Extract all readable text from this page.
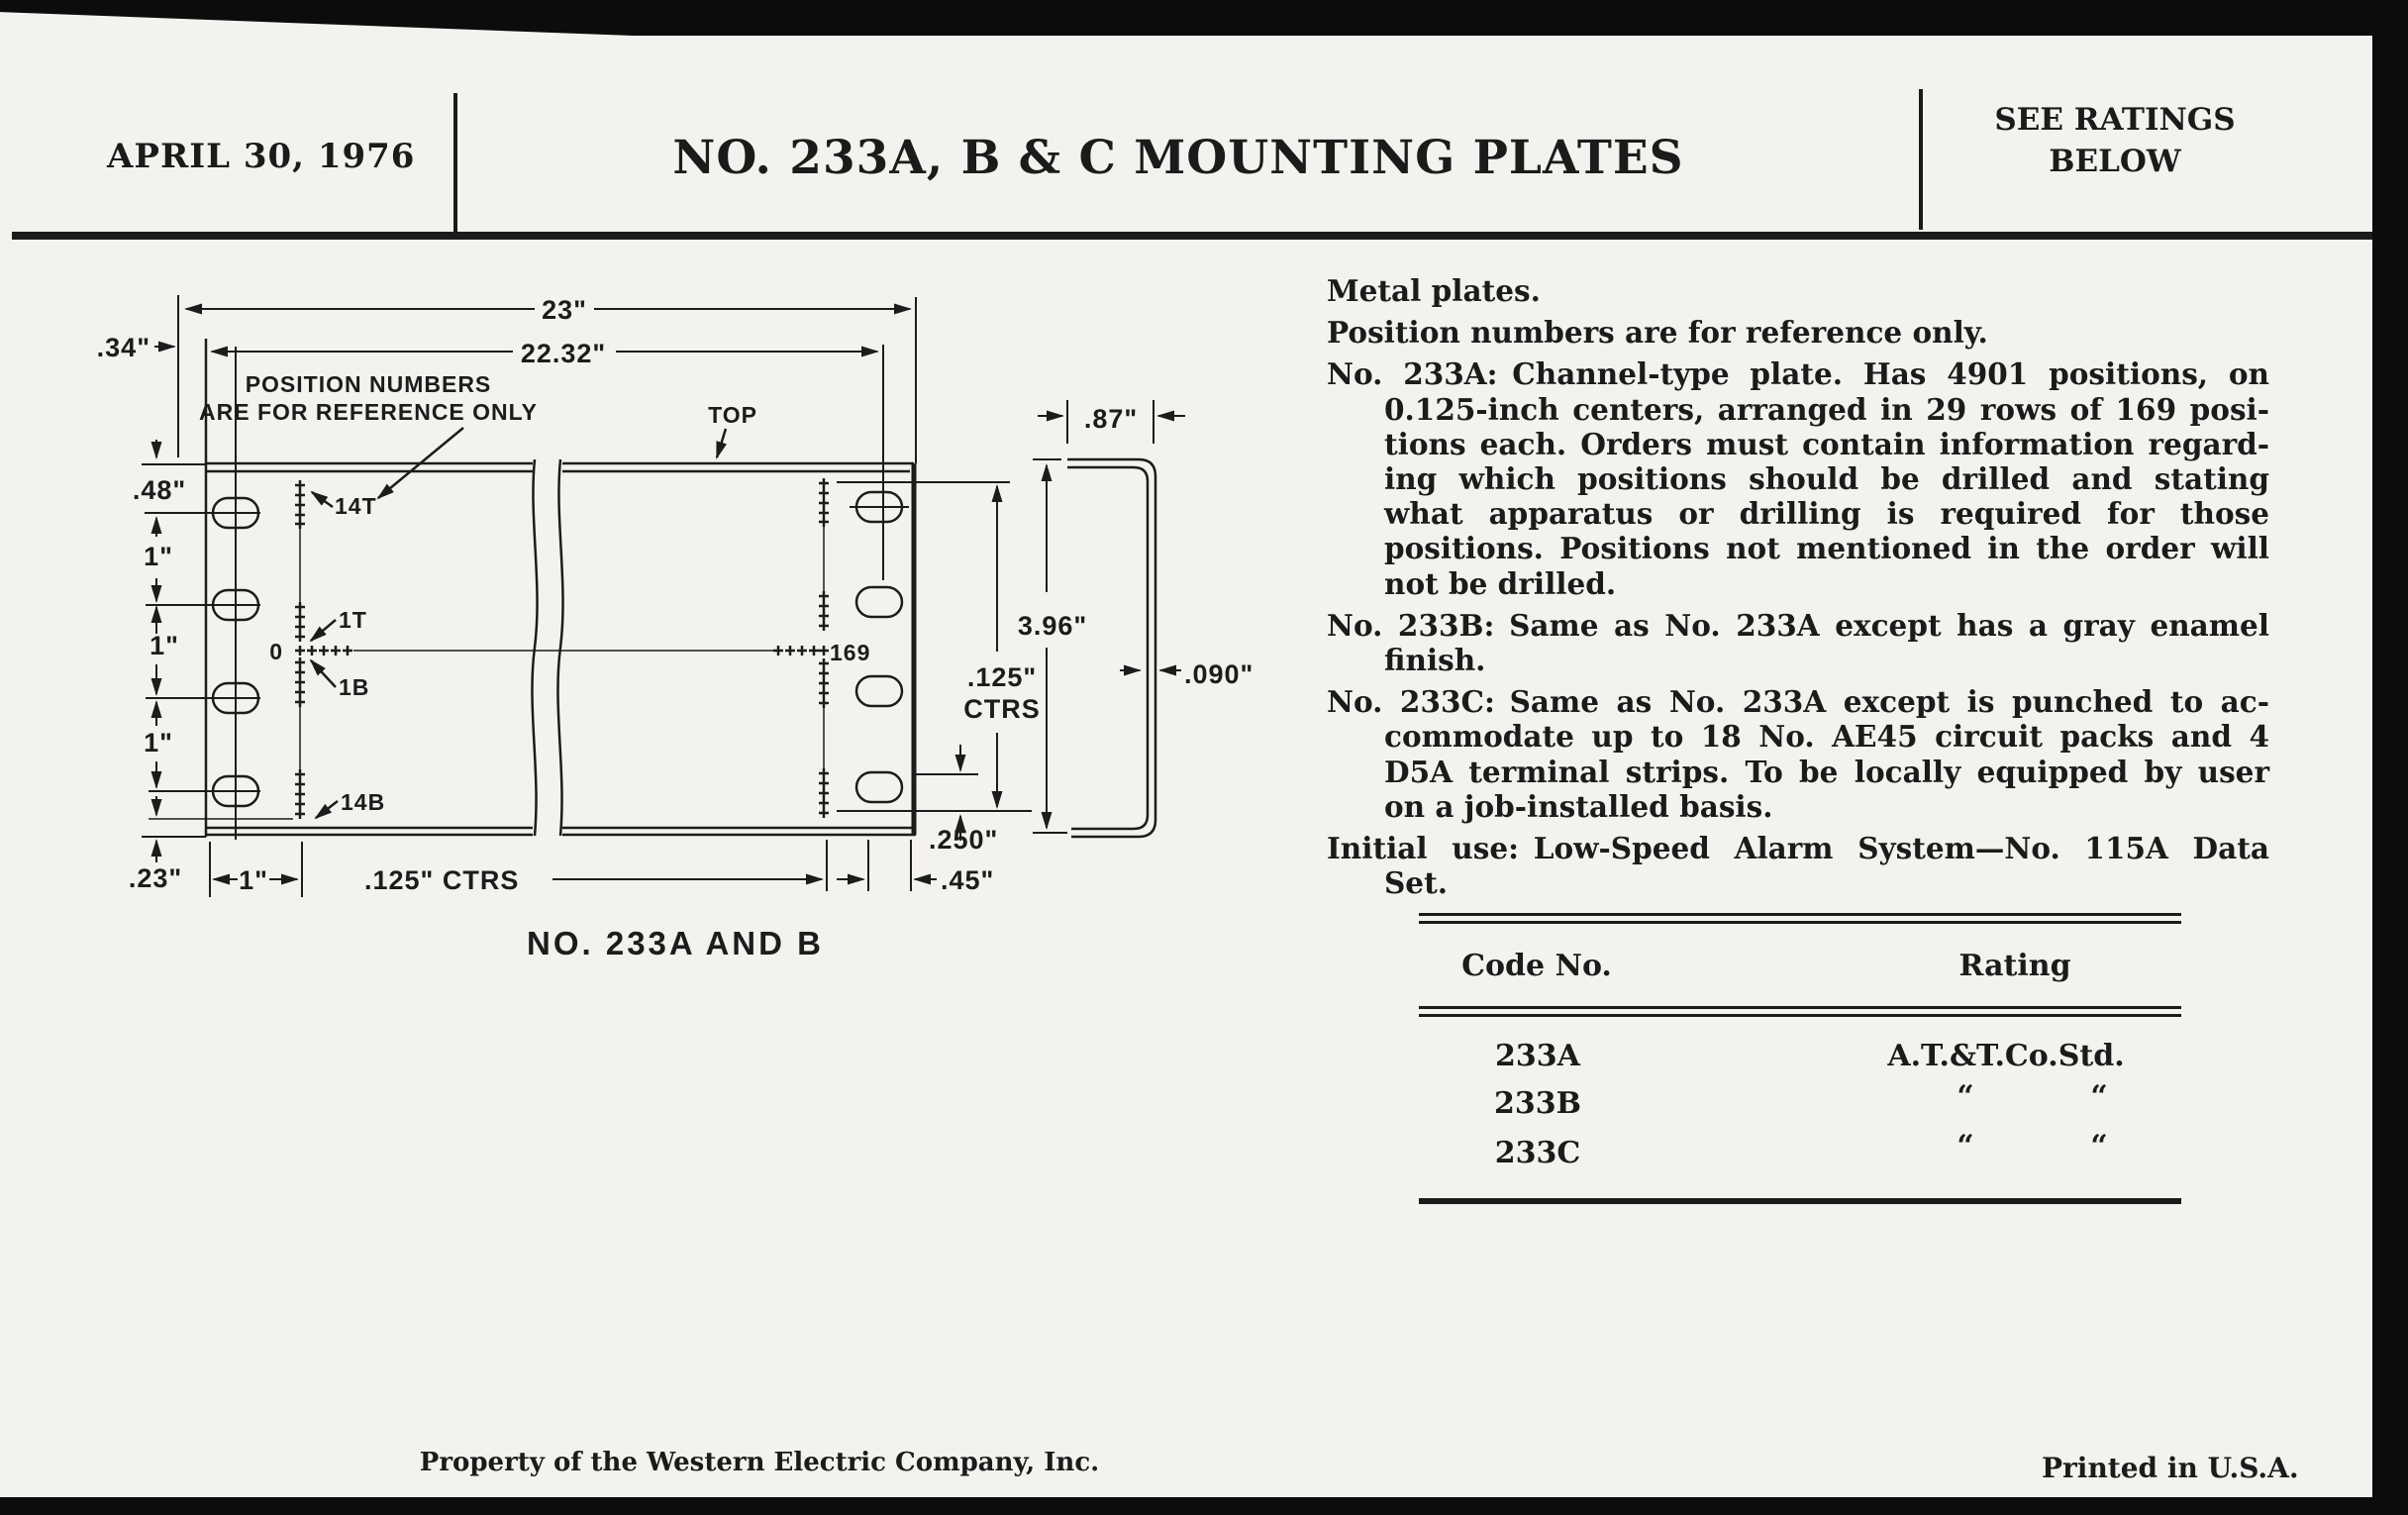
APRIL 30, 1976	NO. 233A, B & C MOUNTING PLATES
SEE RATINGS
BELOW
23"
22.32"
.34"
.48"
1"
1"
1"
.23" 1"	.125" CTRS	.45"
.250"
.125"
CTRS
3.96"
.87"
.090"
POSITION NUMBERS
ARE FOR REFERENCE ONLY	TOP
14T
1T
0
1B
14B
169
NO. 233A AND B
Metal plates.
Position numbers are for reference only.
No. 233A: Channel-type plate. Has 4901 positions, on
0.125-inch centers, arranged in 29 rows of 169 posi-
tions each. Orders must contain information regard-
ing which positions should be drilled and stating
what apparatus or drilling is required for those
positions. Positions not mentioned in the order will
not be drilled.
No. 233B: Same as No. 233A except has a gray enamel
finish.
No. 233C: Same as No. 233A except is punched to ac-
commodate up to 18 No. AE45 circuit packs and 4
D5A terminal strips. To be locally equipped by user
on a job-installed basis.
Initial use: Low-Speed Alarm System—No. 115A Data
Set.
Code No.	Rating
233A	A.T.&T.Co.Std.
233B	“	“
233C	“	“
Property of the Western Electric Company, Inc.	Printed in U.S.A.
